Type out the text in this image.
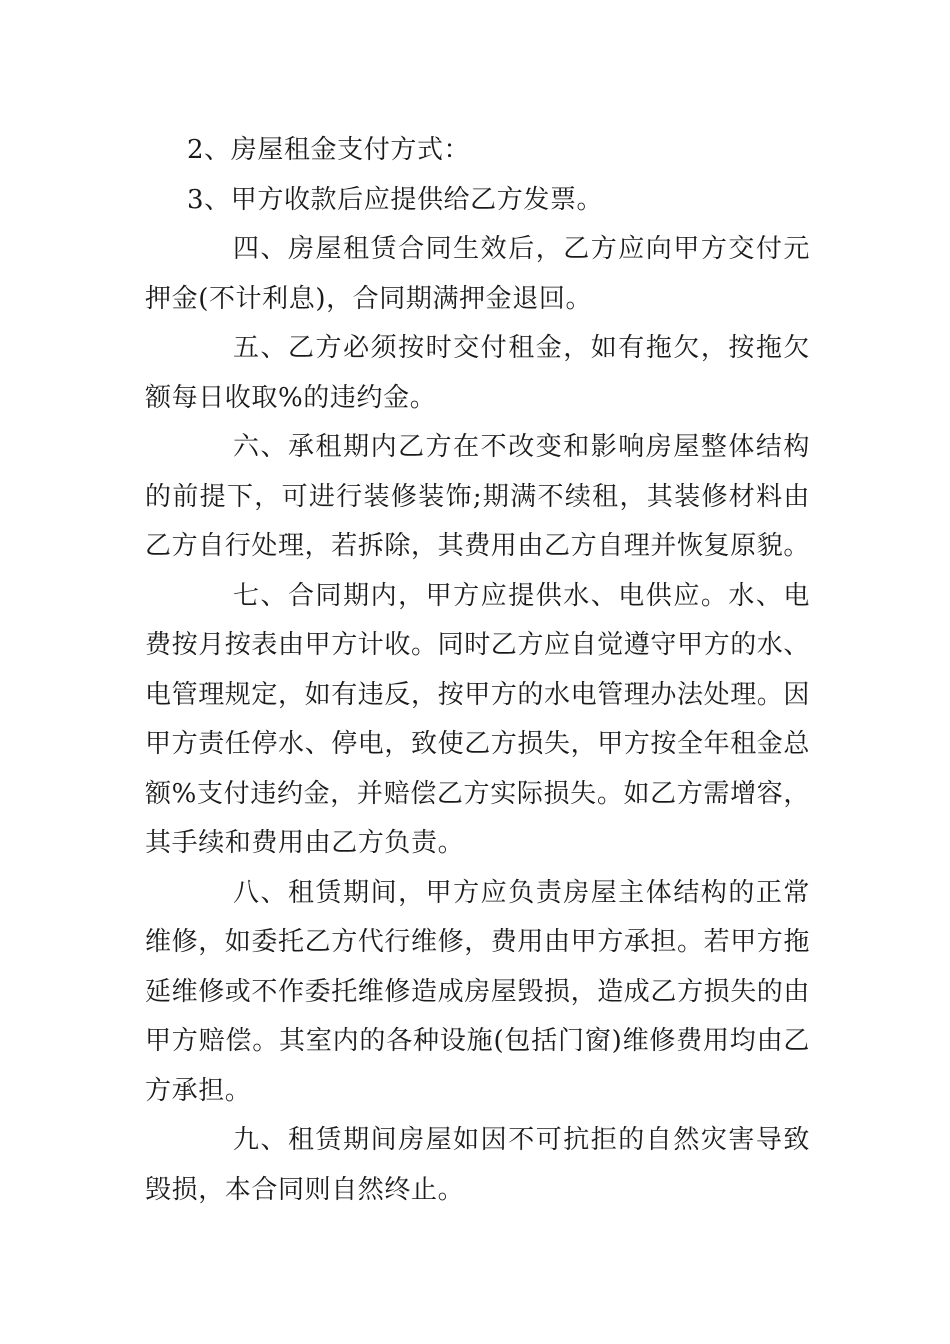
2、房屋租金支付方式：

3、甲方收款后应提供给乙方发票。

四、房屋租赁合同生效后，乙方应向甲方交付元押金(不计利息)，合同期满押金退回。

五、乙方必须按时交付租金，如有拖欠，按拖欠额每日收取%的违约金。

六、承租期内乙方在不改变和影响房屋整体结构的前提下，可进行装修装饰;期满不续租，其装修材料由乙方自行处理，若拆除，其费用由乙方自理并恢复原貌。

七、合同期内，甲方应提供水、电供应。水、电费按月按表由甲方计收。同时乙方应自觉遵守甲方的水、电管理规定，如有违反，按甲方的水电管理办法处理。因甲方责任停水、停电，致使乙方损失，甲方按全年租金总额%支付违约金，并赔偿乙方实际损失。如乙方需增容，其手续和费用由乙方负责。

八、租赁期间，甲方应负责房屋主体结构的正常维修，如委托乙方代行维修，费用由甲方承担。若甲方拖延维修或不作委托维修造成房屋毁损，造成乙方损失的由甲方赔偿。其室内的各种设施(包括门窗)维修费用均由乙方承担。

九、租赁期间房屋如因不可抗拒的自然灾害导致毁损，本合同则自然终止。
